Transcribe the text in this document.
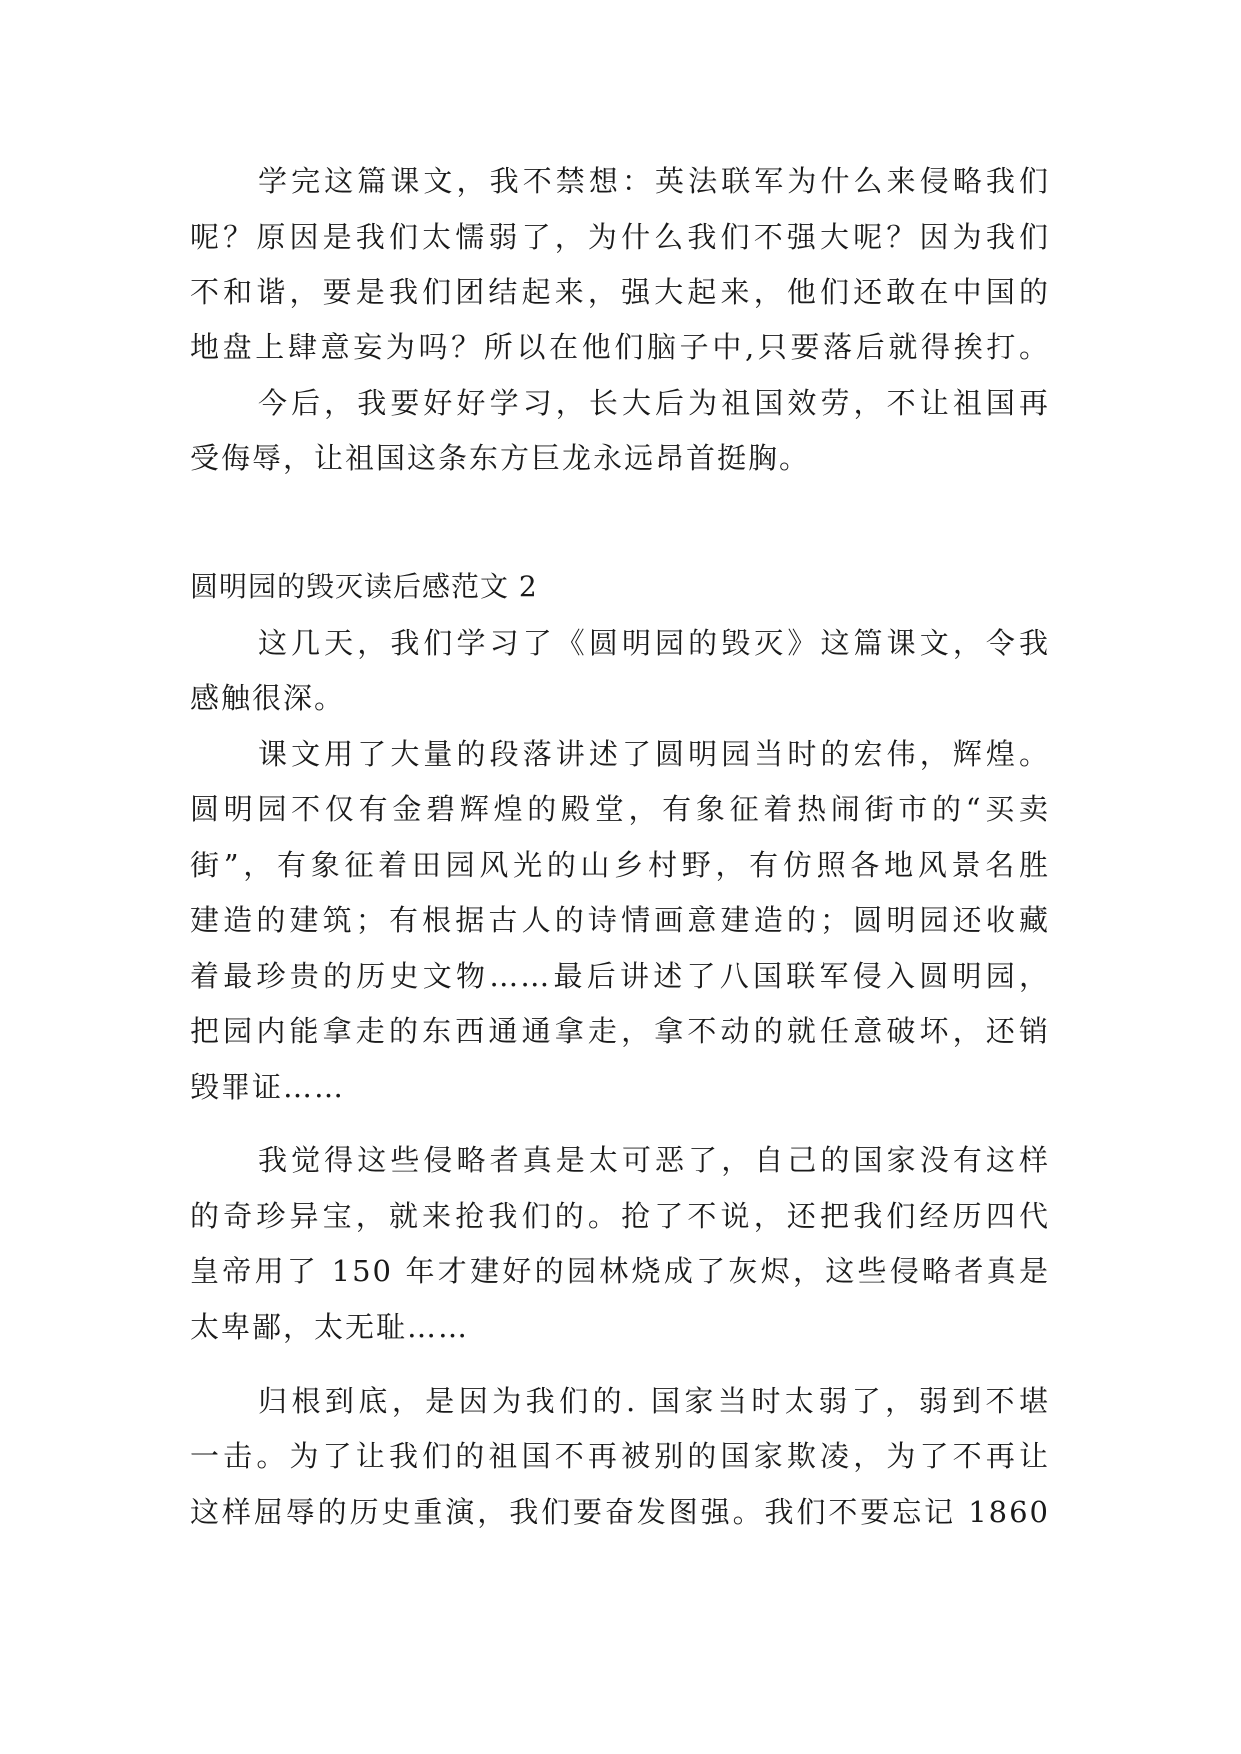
学完这篇课文，我不禁想：英法联军为什么来侵略我们
呢？原因是我们太懦弱了，为什么我们不强大呢？因为我们
不和谐，要是我们团结起来，强大起来，他们还敢在中国的
地盘上肆意妄为吗？所以在他们脑子中,只要落后就得挨打。
今后，我要好好学习，长大后为祖国效劳，不让祖国再
受侮辱，让祖国这条东方巨龙永远昂首挺胸。
圆明园的毁灭读后感范文 2
这几天，我们学习了《圆明园的毁灭》这篇课文，令我
感触很深。
课文用了大量的段落讲述了圆明园当时的宏伟，辉煌。
圆明园不仅有金碧辉煌的殿堂，有象征着热闹街市的“买卖
街”，有象征着田园风光的山乡村野，有仿照各地风景名胜
建造的建筑；有根据古人的诗情画意建造的；圆明园还收藏
着最珍贵的历史文物……最后讲述了八国联军侵入圆明园，
把园内能拿走的东西通通拿走，拿不动的就任意破坏，还销
毁罪证……
我觉得这些侵略者真是太可恶了，自己的国家没有这样
的奇珍异宝，就来抢我们的。抢了不说，还把我们经历四代
皇帝用了 150 年才建好的园林烧成了灰烬，这些侵略者真是
太卑鄙，太无耻……
归根到底，是因为我们的. 国家当时太弱了，弱到不堪
一击。为了让我们的祖国不再被别的国家欺凌，为了不再让
这样屈辱的历史重演，我们要奋发图强。我们不要忘记 1860
